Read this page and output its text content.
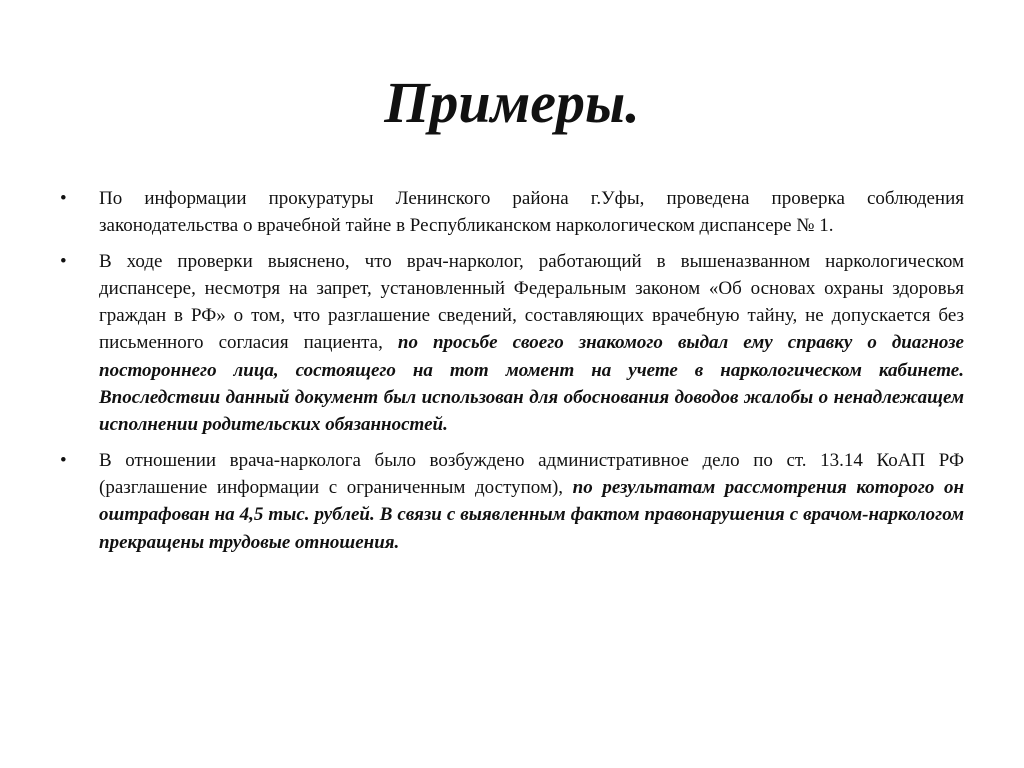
Примеры.
•	По информации прокуратуры Ленинского района г.Уфы, проведена проверка соблюдения законодательства о врачебной тайне в Республиканском наркологическом диспансере № 1.
•	В ходе проверки выяснено, что врач-нарколог, работающий в вышеназванном наркологическом диспансере, несмотря на запрет, установленный Федеральным законом «Об основах охраны здоровья граждан в РФ» о том, что разглашение сведений, составляющих врачебную тайну, не допускается без письменного согласия пациента, по просьбе своего знакомого выдал ему справку о диагнозе постороннего лица, состоящего на тот момент на учете в наркологическом кабинете. Впоследствии данный документ был использован для обоснования доводов жалобы о ненадлежащем исполнении родительских обязанностей.
•	В отношении врача-нарколога было возбуждено административное дело по ст. 13.14 КоАП РФ (разглашение информации с ограниченным доступом), по результатам рассмотрения которого он оштрафован на 4,5 тыс. рублей. В связи с выявленным фактом правонарушения с врачом-наркологом прекращены трудовые отношения.
